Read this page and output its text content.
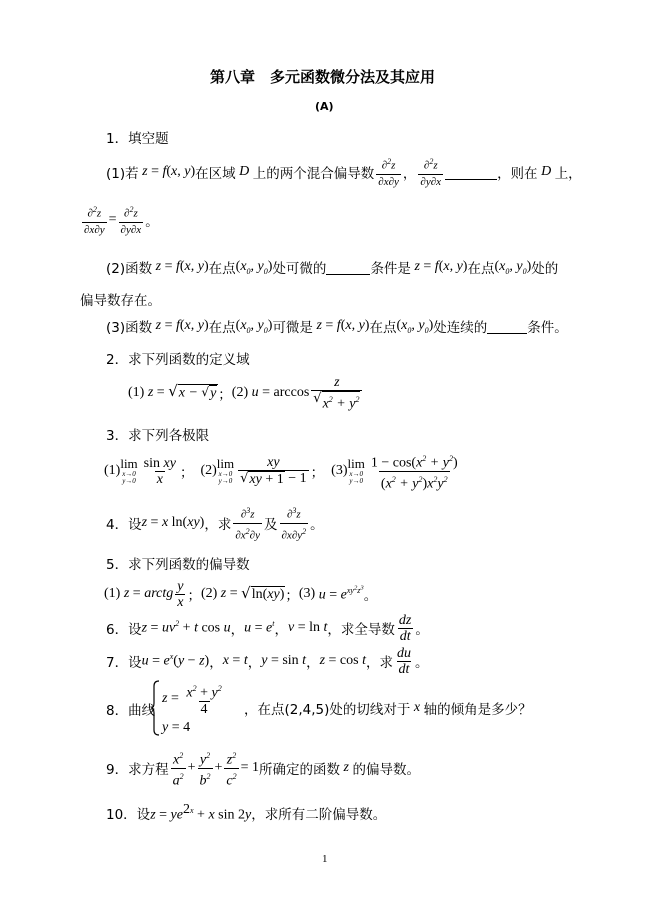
第八章　多元函数微分法及其应用
(A)
1．填空题
(1)若 z = f (x, y) 在区域 D 上的两个混合偏导数 $\frac{\partial^2z}{\partial x\partial y}$ ， $\frac{\partial^2z}{\partial y\partial x}$	，则在 D 上，
$\frac{\partial^2z}{\partial x\partial y} = \frac{\partial^2z}{\partial y\partial x}$ 。
(2)函数 z = f(x, y) 在点 ($x_0$, $y_0$) 处可微的	条件是 z = f(x, y) 在点 ($x_0$, $y_0$) 处的
偏导数存在。
(3)函数 z = f(x, y) 在点 ($x_0$, $y_0$) 可微是 z = f(x, y) 在点 ($x_0$, $y_0$) 处连续的	条件。
2．求下列函数的定义域
(1) z = √ x − √ y ； (2) $u = \arccos \frac{z}{√ x^2 + y^2}$
3．求下列各极限
(1) lim
x→0
$y\to 0 \frac{\text{sin xy}}{x}$ ； (2) lim
x→0
$y\to 0 \frac{xy}{√ xy + 1 - 1}$ ； (3) lim
x→0
$y\to 0 \frac{1 - \cos(x^2 + y^2)}{(x^2 + y^2)x^2y^2}$
4．设 z = x ln(xy) ，求 $\frac{\partial^3z}{\partial x^2\partial y}$ 及 $\frac{\partial^3z}{\partial x\partial y^2}$ 。
5．求下列函数的偏导数
(1) z = arctg $\frac{y}{x}$ ； (2) z = √ ln(xy) ； (3) $u = e^{xy^2z^3}$
。
6．设 $z = uv^2 + t$ cos u ， $u = e^t$ ， v = ln t ，求全导数 $\frac{dz}{dt}$ 。
7．设 $u = e^x(y - z)$ ， x = t ， y = sin t ， z = cos t ，求 $\frac{du}{dt}$ 。
8．曲线
$z = \frac{x^2 + y^2}{4}$
y = 4
，在点(2,4,5)处的切线对于 x 轴的倾角是多少？
9．求方程 $\frac{x^2}{a^2} + \frac{y^2}{b^2} + \frac{z^2}{c^2} = 1$ 所确定的函数 z 的偏导数。
10．设 $z = ye^{2x} + x$ sin 2y ，求所有二阶偏导数。
1
